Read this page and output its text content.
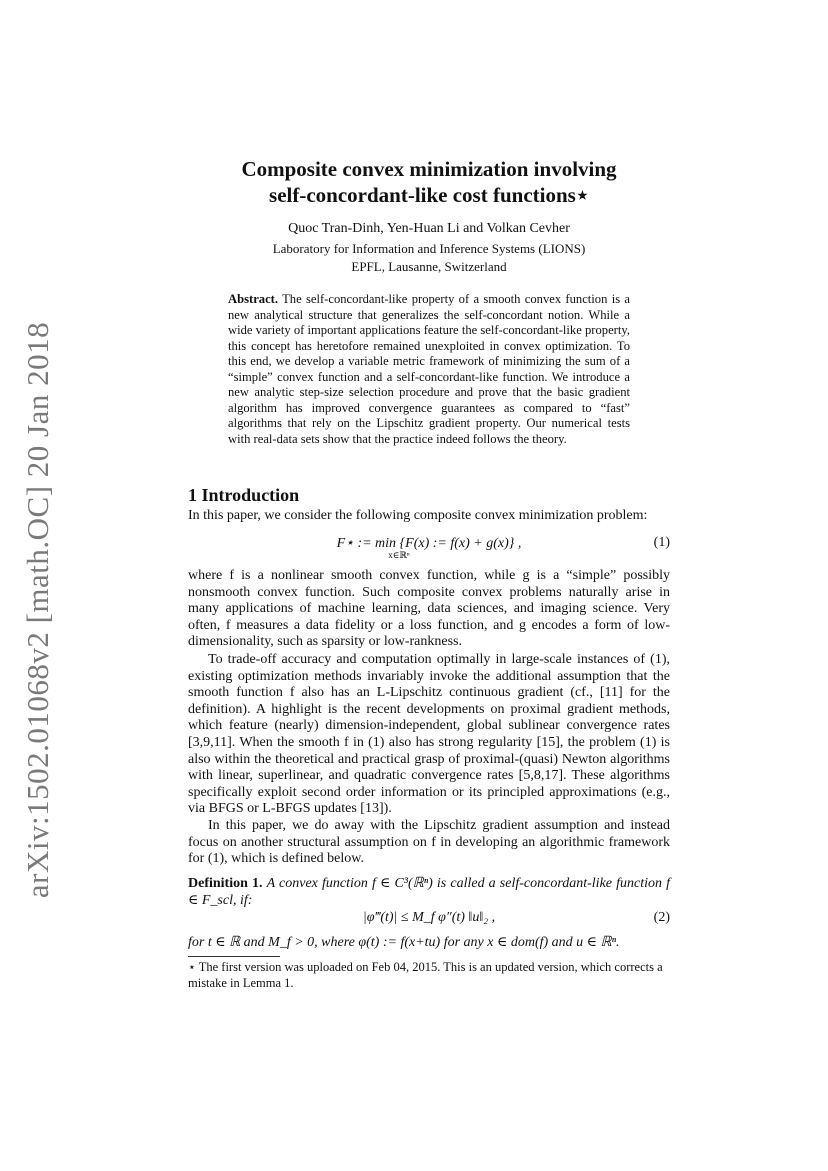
arXiv:1502.01068v2 [math.OC] 20 Jan 2018
Composite convex minimization involving
self-concordant-like cost functions⋆
Quoc Tran-Dinh, Yen-Huan Li and Volkan Cevher
Laboratory for Information and Inference Systems (LIONS)
EPFL, Lausanne, Switzerland
Abstract. The self-concordant-like property of a smooth convex function is a new analytical structure that generalizes the self-concordant notion. While a wide variety of important applications feature the self-concordant-like property, this concept has heretofore remained unexploited in convex optimization. To this end, we develop a variable metric framework of minimizing the sum of a “simple” convex function and a self-concordant-like function. We introduce a new analytic step-size selection procedure and prove that the basic gradient algorithm has improved convergence guarantees as compared to “fast” algorithms that rely on the Lipschitz gradient property. Our numerical tests with real-data sets show that the practice indeed follows the theory.
1 Introduction
In this paper, we consider the following composite convex minimization problem:
F⋆ := min {F(x) := f(x) + g(x)} ,
x∈ℝⁿ
(1)
where f is a nonlinear smooth convex function, while g is a “simple” possibly nonsmooth convex function. Such composite convex problems naturally arise in many applications of machine learning, data sciences, and imaging science. Very often, f measures a data fidelity or a loss function, and g encodes a form of low-dimensionality, such as sparsity or low-rankness.
To trade-off accuracy and computation optimally in large-scale instances of (1), existing optimization methods invariably invoke the additional assumption that the smooth function f also has an L-Lipschitz continuous gradient (cf., [11] for the definition). A highlight is the recent developments on proximal gradient methods, which feature (nearly) dimension-independent, global sublinear convergence rates [3,9,11]. When the smooth f in (1) also has strong regularity [15], the problem (1) is also within the theoretical and practical grasp of proximal-(quasi) Newton algorithms with linear, superlinear, and quadratic convergence rates [5,8,17]. These algorithms specifically exploit second order information or its principled approximations (e.g., via BFGS or L-BFGS updates [13]).
In this paper, we do away with the Lipschitz gradient assumption and instead focus on another structural assumption on f in developing an algorithmic framework for (1), which is defined below.
Definition 1. A convex function f ∈ C³(ℝⁿ) is called a self-concordant-like function f ∈ F_scl, if:
|φ‴(t)| ≤ M_f φ″(t) ‖u‖₂ ,	(2)
for t ∈ ℝ and M_f > 0, where φ(t) := f(x+tu) for any x ∈ dom(f) and u ∈ ℝⁿ.
⋆ The first version was uploaded on Feb 04, 2015. This is an updated version, which corrects a mistake in Lemma 1.
